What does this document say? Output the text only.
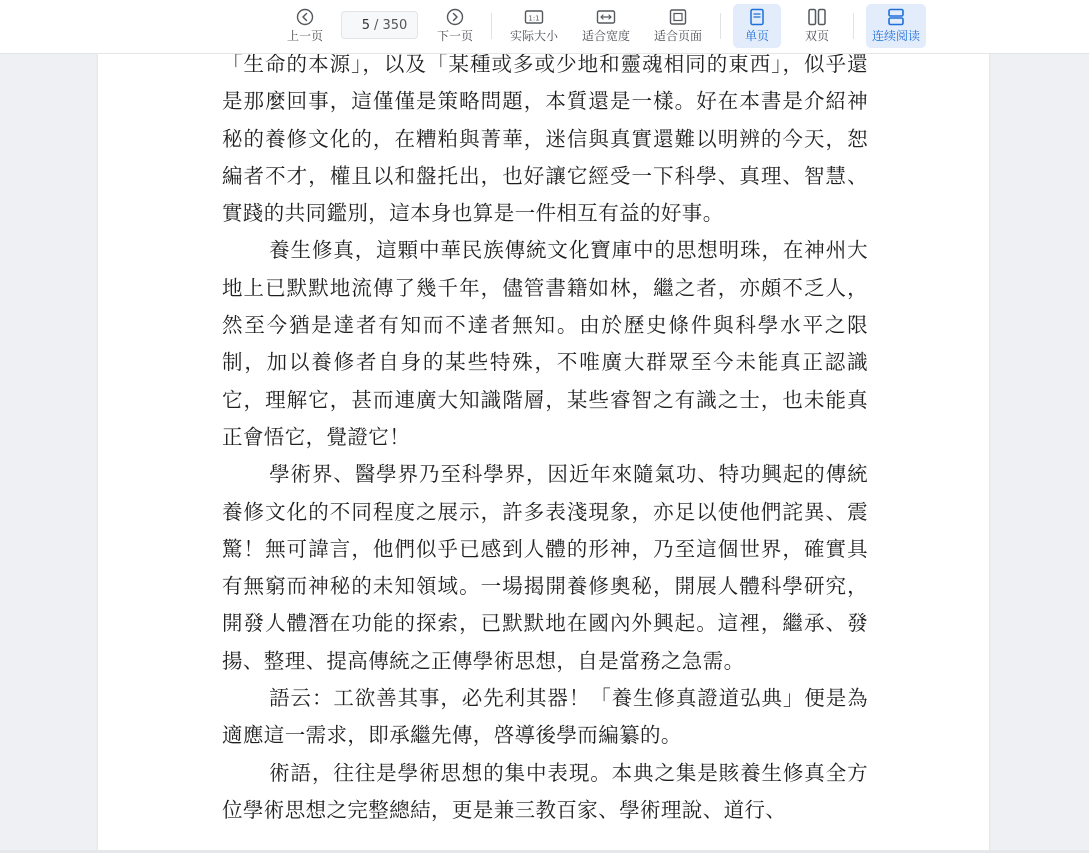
上一页
5
/ 350
下一页
1:1
实际大小 适合宽度 适合页面	单页	双页	连续阅读

「生命的本源」，以及「某種或多或少地和靈魂相同的東西」，似乎還是那麼回事，這僅僅是策略問題，本質還是一樣。好在本書是介紹神秘的養修文化的，在糟粕與菁華，迷信與真實還難以明辨的今天，恕編者不才，權且以和盤托出，也好讓它經受一下科學、真理、智慧、實踐的共同鑑別，這本身也算是一件相互有益的好事。

養生修真，這顆中華民族傳統文化寶庫中的思想明珠，在神州大地上已默默地流傳了幾千年，儘管書籍如林，繼之者，亦頗不乏人，然至今猶是達者有知而不達者無知。由於歷史條件與科學水平之限制，加以養修者自身的某些特殊，不唯廣大群眾至今未能真正認識它，理解它，甚而連廣大知識階層，某些睿智之有識之士，也未能真正會悟它，覺證它！

學術界、醫學界乃至科學界，因近年來隨氣功、特功興起的傳統養修文化的不同程度之展示，許多表淺現象，亦足以使他們詫異、震驚！無可諱言，他們似乎已感到人體的形神，乃至這個世界，確實具有無窮而神秘的未知領域。一場揭開養修奧秘，開展人體科學研究，開發人體潛在功能的探索，已默默地在國內外興起。這裡，繼承、發揚、整理、提高傳統之正傳學術思想，自是當務之急需。

語云：工欲善其事，必先利其器！「養生修真證道弘典」便是為適應這一需求，即承繼先傳，啓導後學而編纂的。

術語，往往是學術思想的集中表現。本典之集是賅養生修真全方位學術思想之完整總結，更是兼三教百家、學術理說、道行、
